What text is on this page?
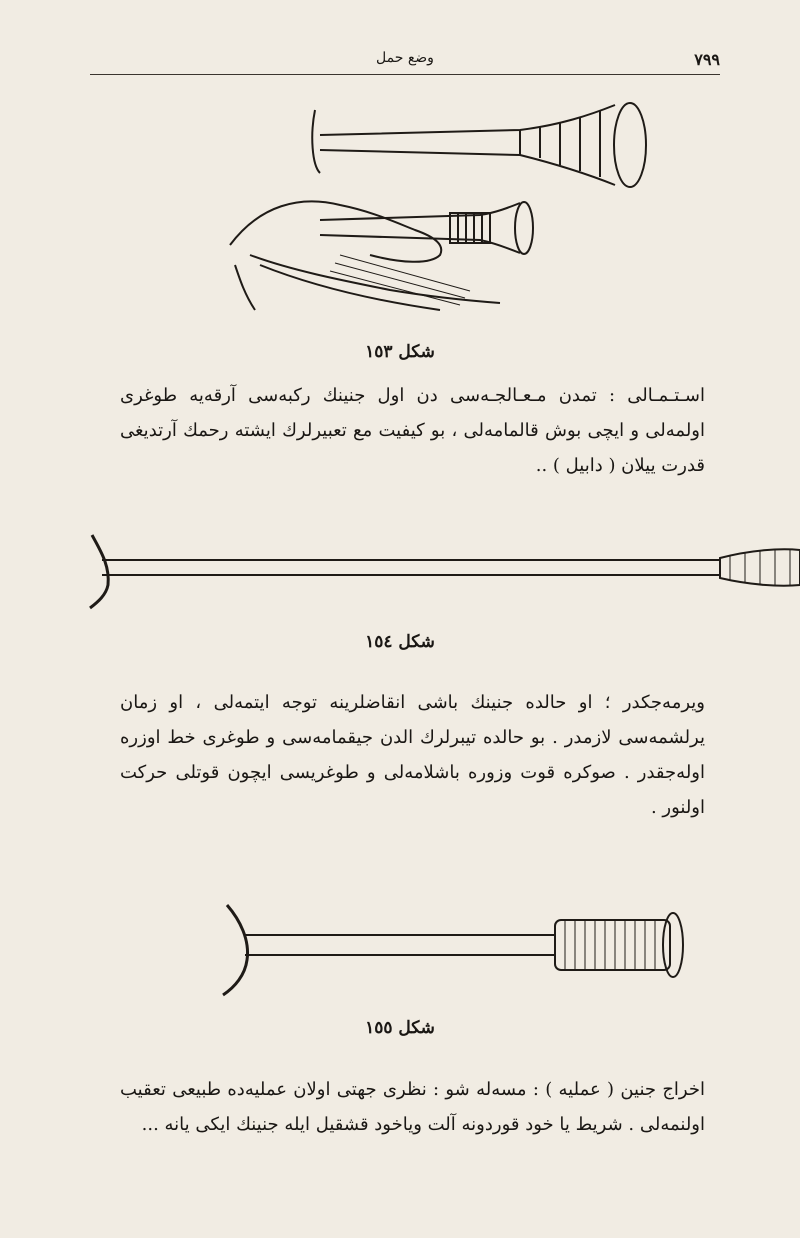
٧٩٩
وضع حمل
شكل ١٥٣
اسـتـمـالى : تمدن مـعـالجـه‌سى دن اول جنينك ركبه‌سى آرقه‌يه طوغرى اولمه‌لى و ايچى بوش قالمامه‌لى ، بو كيفيت مع تعبيرلرك ايشته رحمك آرتديغى قدرت ييلان ( دابيل ) ..
شكل ١٥٤
ويرمه‌جكدر ؛ او حالده جنينك باشى انقاضلرينه توجه ايتمه‌لى ، او زمان يرلشمه‌سى لازمدر . بو حالده تيبرلرك الدن جيقمامه‌سى و طوغرى خط اوزره اوله‌جقدر . صوكره قوت وزوره باشلامه‌لى و طوغريسى ايچون قوتلى حركت اولنور .
شكل ١٥٥
اخراج جنين ( عمليه ) : مسه‌له شو : نظرى جهتى اولان عمليه‌ده طبيعى تعقيب اولنمه‌لى . شريط يا خود قوردونه آلت وياخود قشقيل ايله جنينك ايكى يانه ...
